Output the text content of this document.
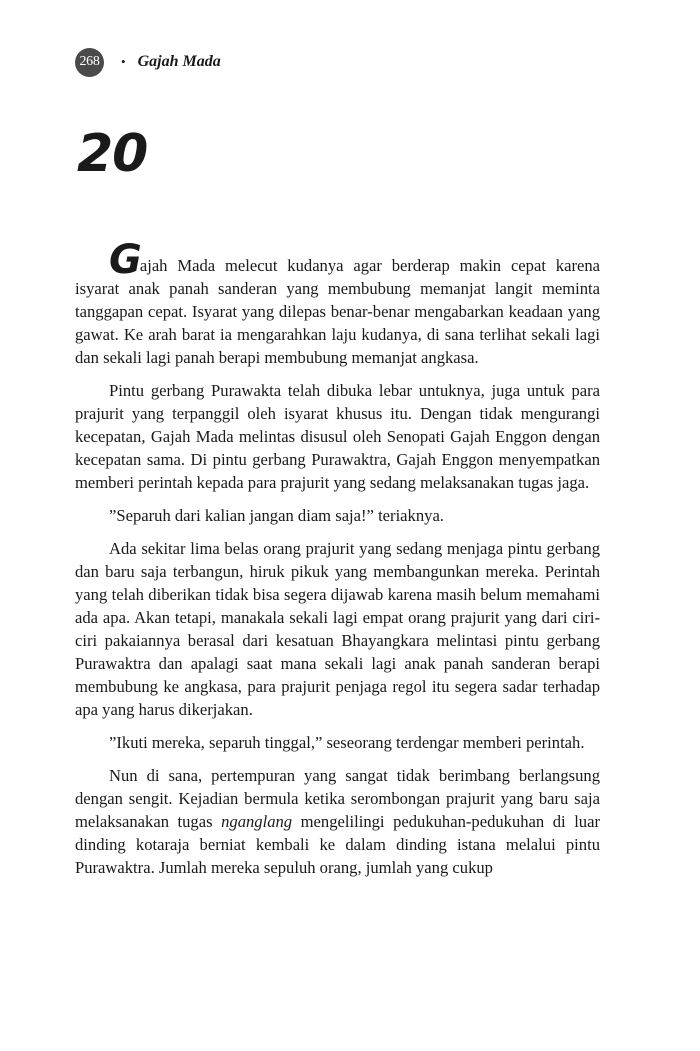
268	• Gajah Mada
20

Gajah Mada melecut kudanya agar berderap makin cepat karena isyarat anak panah sanderan yang membubung memanjat langit meminta tanggapan cepat. Isyarat yang dilepas benar-benar mengabarkan keadaan yang gawat. Ke arah barat ia mengarahkan laju kudanya, di sana terlihat sekali lagi dan sekali lagi panah berapi membubung memanjat angkasa.

Pintu gerbang Purawakta telah dibuka lebar untuknya, juga untuk para prajurit yang terpanggil oleh isyarat khusus itu. Dengan tidak mengurangi kecepatan, Gajah Mada melintas disusul oleh Senopati Gajah Enggon dengan kecepatan sama. Di pintu gerbang Purawaktra, Gajah Enggon menyempatkan memberi perintah kepada para prajurit yang sedang melaksanakan tugas jaga.

”Separuh dari kalian jangan diam saja!” teriaknya.

Ada sekitar lima belas orang prajurit yang sedang menjaga pintu gerbang dan baru saja terbangun, hiruk pikuk yang membangunkan mereka. Perintah yang telah diberikan tidak bisa segera dijawab karena masih belum memahami ada apa. Akan tetapi, manakala sekali lagi empat orang prajurit yang dari ciri-ciri pakaiannya berasal dari kesatuan Bhayangkara melintasi pintu gerbang Purawaktra dan apalagi saat mana sekali lagi anak panah sanderan berapi membubung ke angkasa, para prajurit penjaga regol itu segera sadar terhadap apa yang harus dikerjakan.

”Ikuti mereka, separuh tinggal,” seseorang terdengar memberi perintah.

Nun di sana, pertempuran yang sangat tidak berimbang berlangsung dengan sengit. Kejadian bermula ketika serombongan prajurit yang baru saja melaksanakan tugas nganglang mengelilingi pedukuhan-pedukuhan di luar dinding kotaraja berniat kembali ke dalam dinding istana melalui pintu Purawaktra. Jumlah mereka sepuluh orang, jumlah yang cukup
